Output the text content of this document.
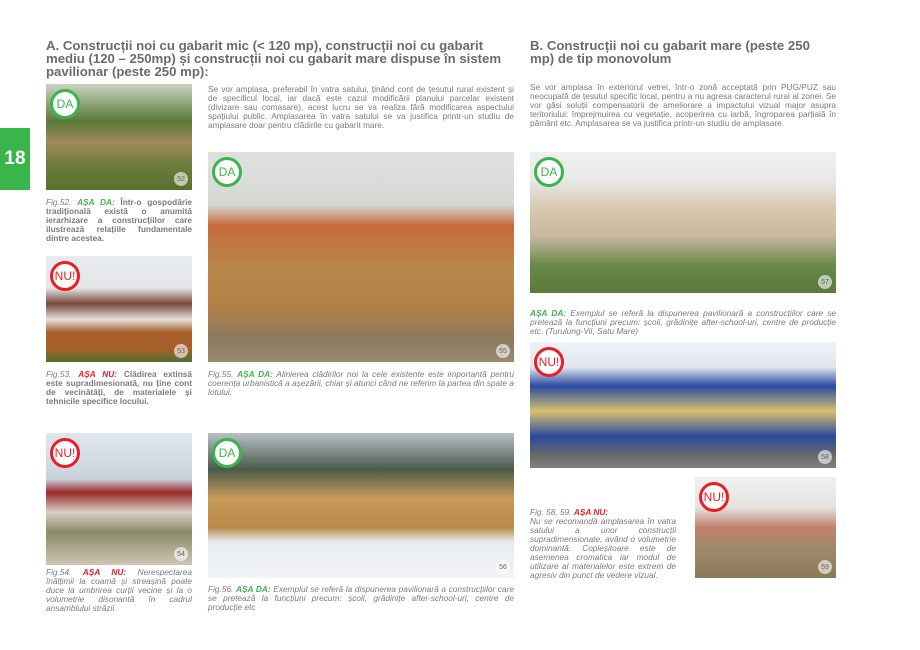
18
A. Construcții noi cu gabarit mic (< 120 mp), construcții noi cu gabarit mediu (120 – 250mp) și construcții noi cu gabarit mare dispuse în sistem pavilionar (peste 250 mp):

Se vor amplasa, preferabil în vatra satului, ținând cont de țesutul rural existent și de specificul local, iar dacă este cazul modificării planului parcelar existent (divizare sau comasare), acest lucru se va realiza fără modificarea aspectului spațiului public. Amplasarea în vatra satului se va justifica printr-un studiu de amplasare doar pentru clădirile cu gabarit mare.

B. Construcții noi cu gabarit mare (peste 250 mp) de tip monovolum

Se vor amplasa în exteriorul vetrei, într-o zonă acceptată prin PUG/PUZ sau neocupată de țesutul specific local, pentru a nu agresa caracterul rural al zonei. Se vor găsi soluții compensatorii de ameliorare a impactului vizual major asupra teritoriului: împrejmuirea cu vegetație, acoperirea cu iarbă, îngroparea parțială în pământ etc. Amplasarea se va justifica printr-un studiu de amplasare.

DA
52
NU!
53
NU!
54
DA
55
DA
56
DA
57
NU!
58
NU!
59

Fig.52. AȘA DA: Într-o gospodărie tradițională există o anumită ierarhizare a construcțiilor care ilustrează relațiile fundamentale dintre acestea.

Fig.53. AȘA NU: Clădirea extinsă este supradimesionată, nu ține cont de vecinătăți, de materialele și tehnicile specifice locului.

Fig.54. AȘA NU: Nerespectarea înălțimii la coamă și streașină poate duce la umbrirea curții vecine și la o volumetrie disonantă în cadrul ansamblului străzii.

Fig.55. AȘA DA: Alinierea clădirilor noi la cele existente este importantă pentru coerența urbanistică a așezării, chiar și atunci când ne referim la partea din spate a lotului.

Fig.56. AȘA DA: Exemplul se referă la dispunerea pavilionară a construcțiilor care se pretează la funcțiuni precum: școli, grădinițe after-school-uri, centre de producție etc

AȘA DA: Exemplul se referă la dispunerea pavilionară a construcțiilor care se pretează la funcțiuni precum: școli, grădinițe after-school-uri, centre de producție etc. (Turulung-Vii, Satu Mare)

Fig. 58, 59. AȘA NU:
Nu se recomandă amplasarea în vatra satului a unor construcții supradimensionate, având o volumetrie dominantă. Copleșitoare este de asemenea cromatica iar modul de utilizare al materialelor este extrem de agresiv din punct de vedere vizual.
